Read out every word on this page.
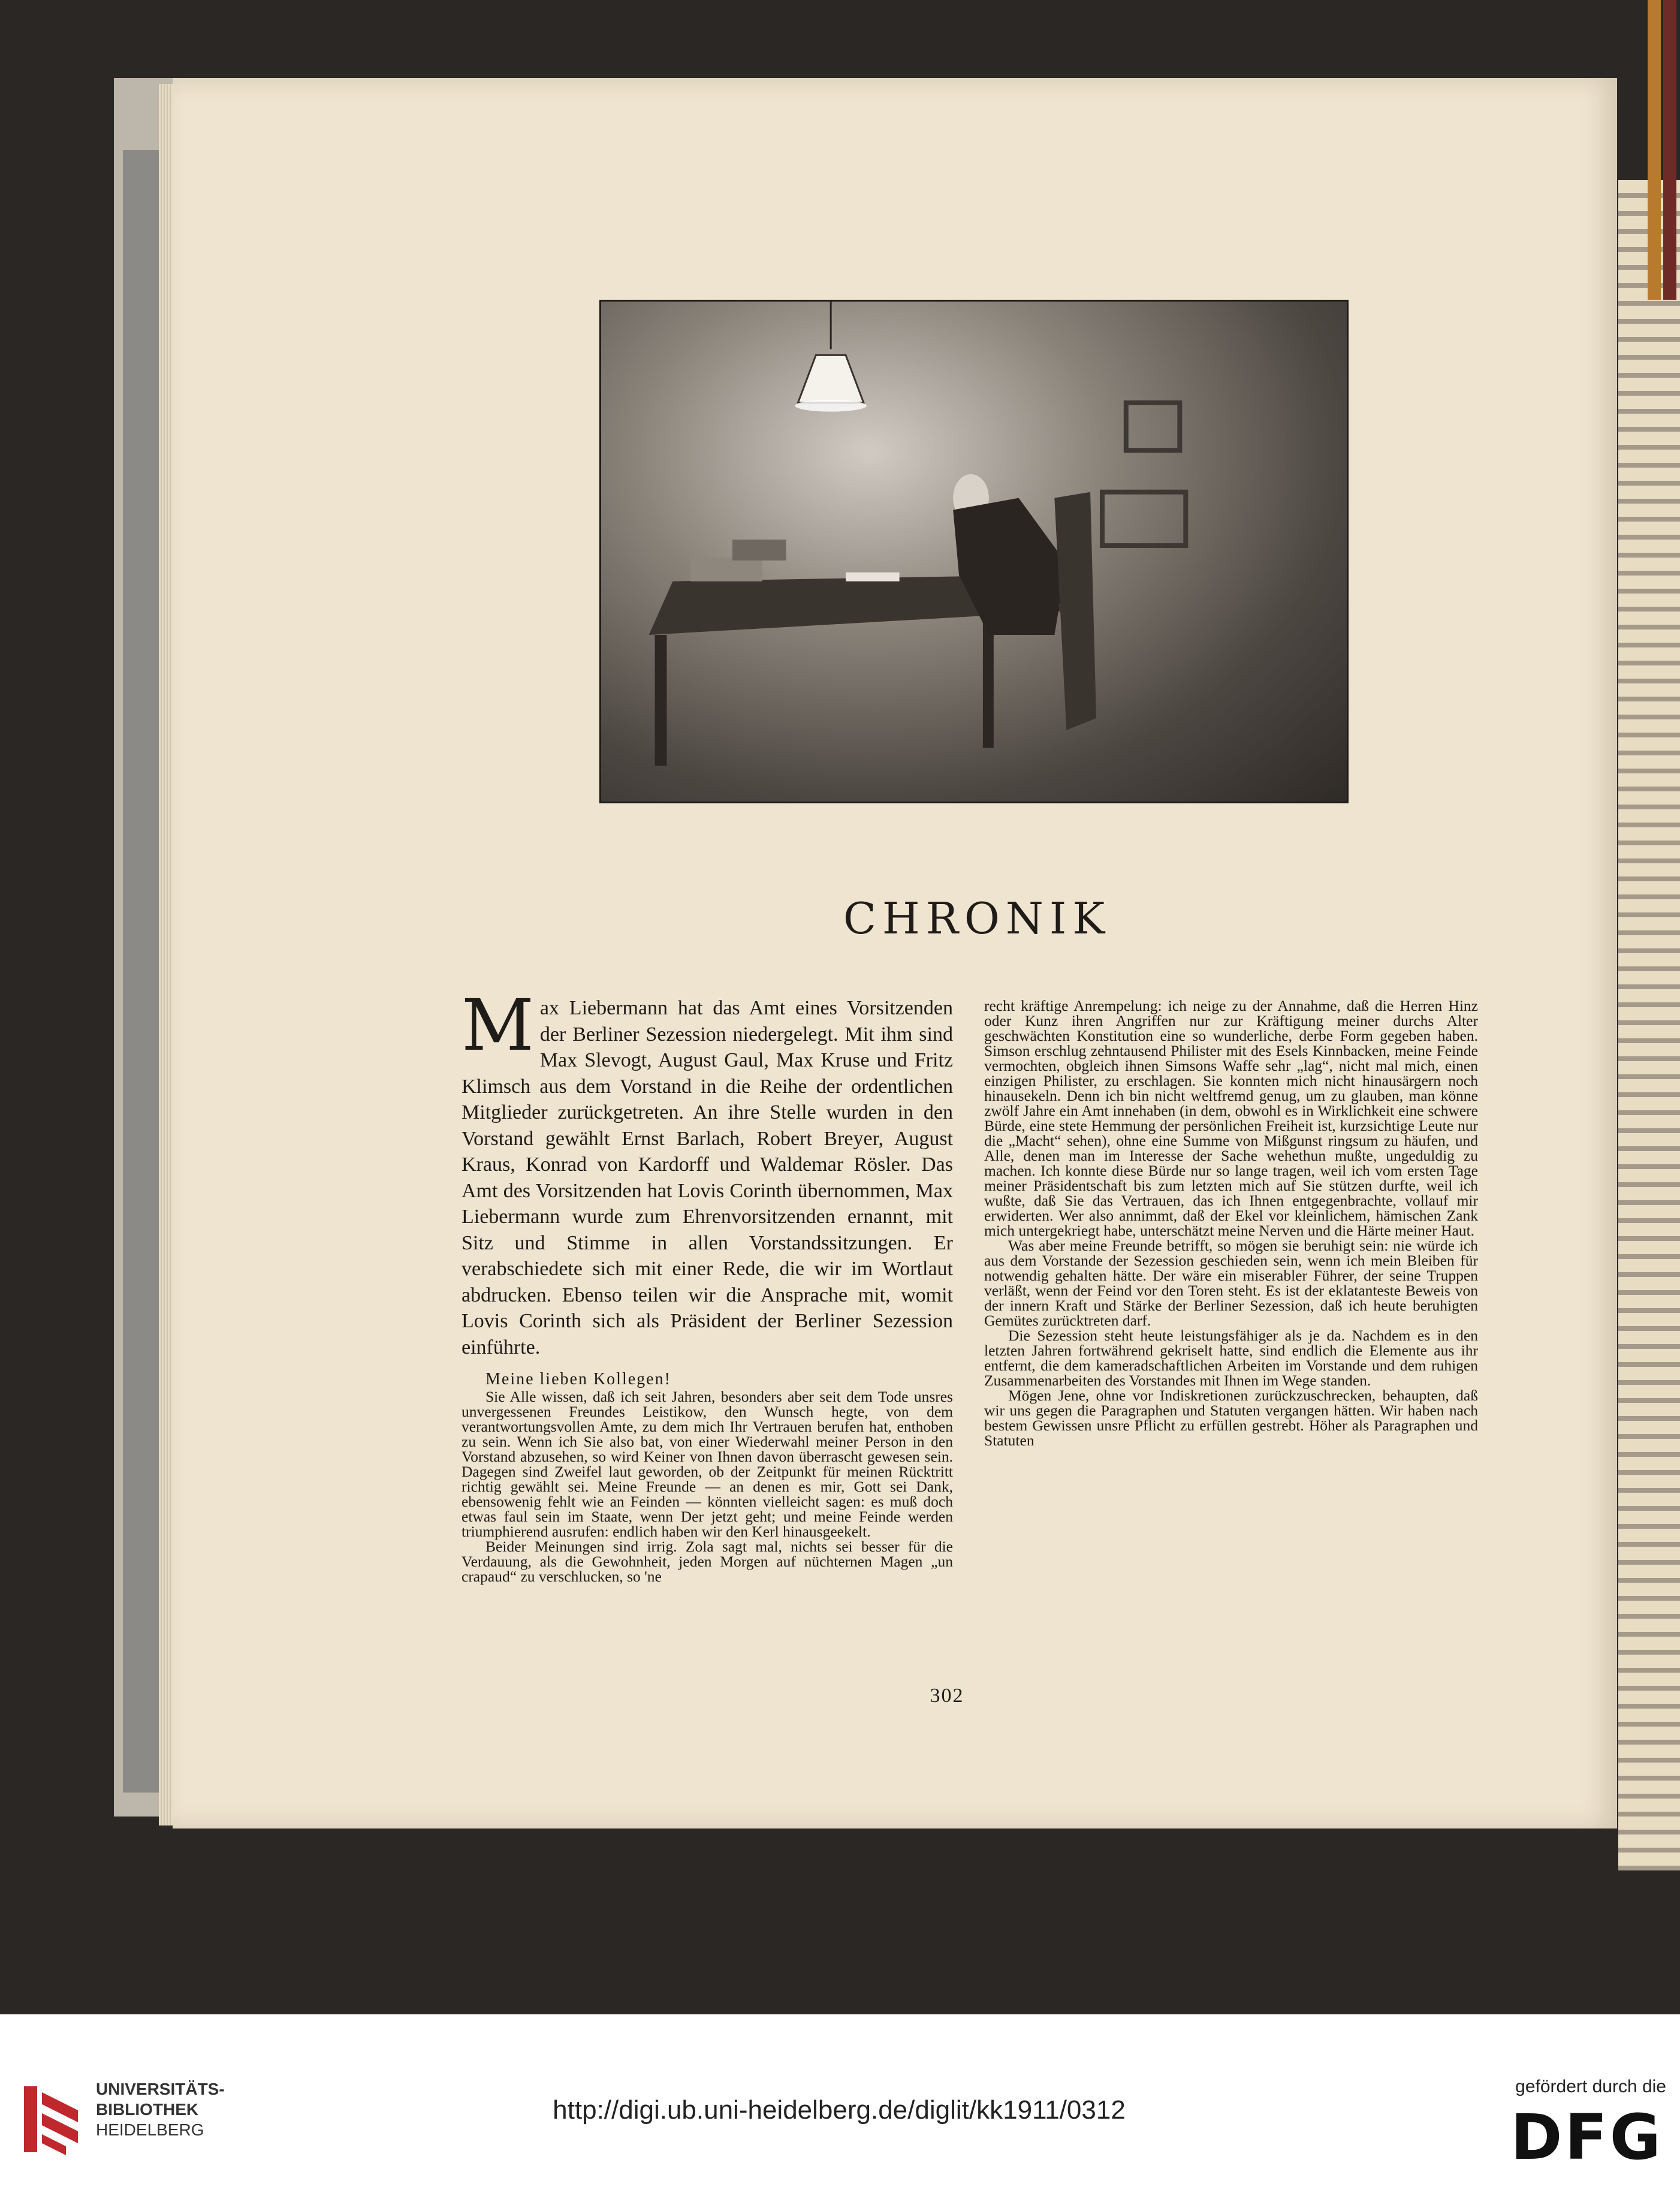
CHRONIK

Max Liebermann hat das Amt eines Vorsitzenden der Berliner Sezession niedergelegt. Mit ihm sind Max Slevogt, August Gaul, Max Kruse und Fritz Klimsch aus dem Vorstand in die Reihe der ordentlichen Mitglieder zurückgetreten. An ihre Stelle wurden in den Vorstand gewählt Ernst Barlach, Robert Breyer, August Kraus, Konrad von Kardorff und Waldemar Rösler. Das Amt des Vorsitzenden hat Lovis Corinth übernommen, Max Liebermann wurde zum Ehrenvorsitzenden ernannt, mit Sitz und Stimme in allen Vorstandssitzungen. Er verabschiedete sich mit einer Rede, die wir im Wortlaut abdrucken. Ebenso teilen wir die Ansprache mit, womit Lovis Corinth sich als Präsident der Berliner Sezession einführte.

Meine lieben Kollegen!

Sie Alle wissen, daß ich seit Jahren, besonders aber seit dem Tode unsres unvergessenen Freundes Leistikow, den Wunsch hegte, von dem verantwortungsvollen Amte, zu dem mich Ihr Vertrauen berufen hat, enthoben zu sein. Wenn ich Sie also bat, von einer Wiederwahl meiner Person in den Vorstand abzusehen, so wird Keiner von Ihnen davon überrascht gewesen sein. Dagegen sind Zweifel laut geworden, ob der Zeitpunkt für meinen Rücktritt richtig gewählt sei. Meine Freunde — an denen es mir, Gott sei Dank, ebensowenig fehlt wie an Feinden — könnten vielleicht sagen: es muß doch etwas faul sein im Staate, wenn Der jetzt geht; und meine Feinde werden triumphierend ausrufen: endlich haben wir den Kerl hinausgeekelt.

Beider Meinungen sind irrig. Zola sagt mal, nichts sei besser für die Verdauung, als die Gewohnheit, jeden Morgen auf nüchternen Magen „un crapaud“ zu verschlucken, so 'ne

recht kräftige Anrempelung: ich neige zu der Annahme, daß die Herren Hinz oder Kunz ihren Angriffen nur zur Kräftigung meiner durchs Alter geschwächten Konstitution eine so wunderliche, derbe Form gegeben haben. Simson erschlug zehntausend Philister mit des Esels Kinnbacken, meine Feinde vermochten, obgleich ihnen Simsons Waffe sehr „lag“, nicht mal mich, einen einzigen Philister, zu erschlagen. Sie konnten mich nicht hinausärgern noch hinausekeln. Denn ich bin nicht weltfremd genug, um zu glauben, man könne zwölf Jahre ein Amt innehaben (in dem, obwohl es in Wirklichkeit eine schwere Bürde, eine stete Hemmung der persönlichen Freiheit ist, kurzsichtige Leute nur die „Macht“ sehen), ohne eine Summe von Mißgunst ringsum zu häufen, und Alle, denen man im Interesse der Sache wehethun mußte, ungeduldig zu machen. Ich konnte diese Bürde nur so lange tragen, weil ich vom ersten Tage meiner Präsidentschaft bis zum letzten mich auf Sie stützen durfte, weil ich wußte, daß Sie das Vertrauen, das ich Ihnen entgegenbrachte, vollauf mir erwiderten. Wer also annimmt, daß der Ekel vor kleinlichem, hämischen Zank mich untergekriegt habe, unterschätzt meine Nerven und die Härte meiner Haut.

Was aber meine Freunde betrifft, so mögen sie beruhigt sein: nie würde ich aus dem Vorstande der Sezession geschieden sein, wenn ich mein Bleiben für notwendig gehalten hätte. Der wäre ein miserabler Führer, der seine Truppen verläßt, wenn der Feind vor den Toren steht. Es ist der eklatanteste Beweis von der innern Kraft und Stärke der Berliner Sezession, daß ich heute beruhigten Gemütes zurücktreten darf.

Die Sezession steht heute leistungsfähiger als je da. Nachdem es in den letzten Jahren fortwährend gekriselt hatte, sind endlich die Elemente aus ihr entfernt, die dem kameradschaftlichen Arbeiten im Vorstande und dem ruhigen Zusammenarbeiten des Vorstandes mit Ihnen im Wege standen.

Mögen Jene, ohne vor Indiskretionen zurückzuschrecken, behaupten, daß wir uns gegen die Paragraphen und Statuten vergangen hätten. Wir haben nach bestem Gewissen unsre Pflicht zu erfüllen gestrebt. Höher als Paragraphen und Statuten

302
UNIVERSITÄTS-
BIBLIOTHEK
HEIDELBERG
http://digi.ub.uni-heidelberg.de/diglit/kk1911/0312
gefördert durch die
DFG
